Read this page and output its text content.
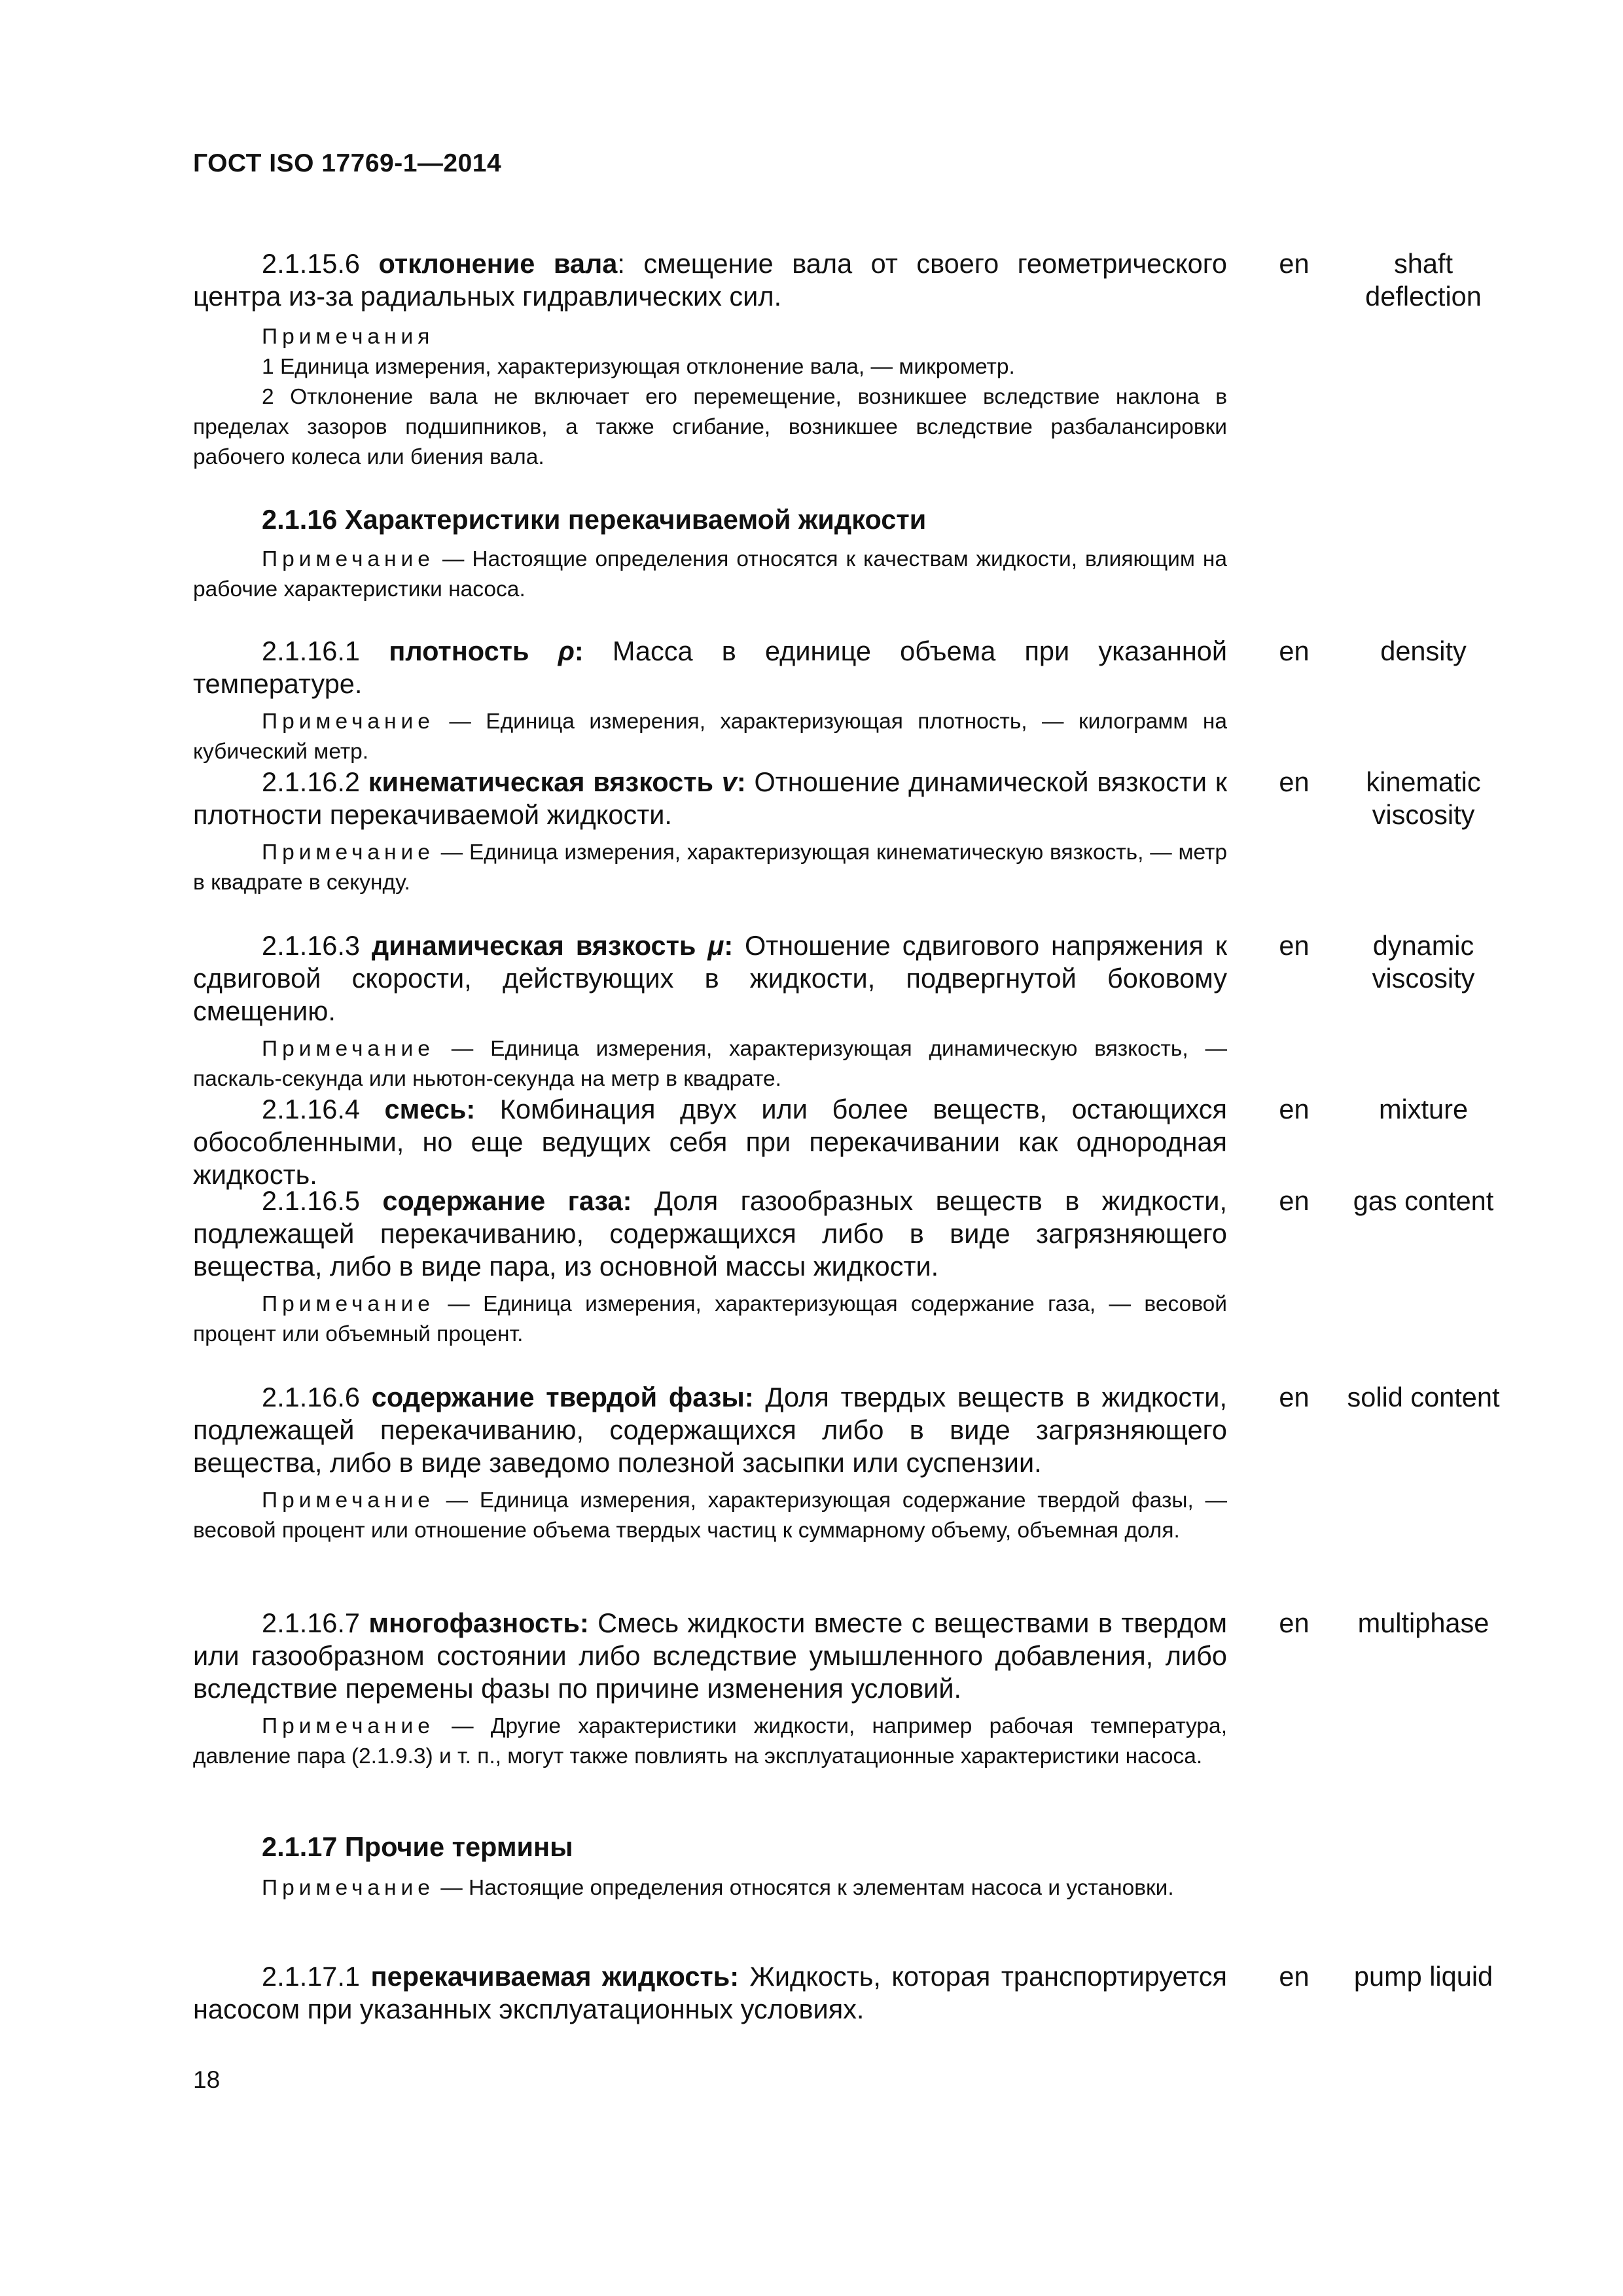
ГОСТ ISO 17769-1—2014
2.1.15.6 отклонение вала: смещение вала от своего геометрического центра из-за радиальных гидравлических сил.
en	shaft deflection
Примечания
1 Единица измерения, характеризующая отклонение вала, — микрометр.
2 Отклонение вала не включает его перемещение, возникшее вследствие наклона в пределах зазоров подшипников, а также сгибание, возникшее вследствие разбалансировки рабочего колеса или биения вала.
2.1.16 Характеристики перекачиваемой жидкости
Примечание — Настоящие определения относятся к качествам жидкости, влияющим на рабочие характеристики насоса.
2.1.16.1 плотность ρ: Масса в единице объема при указанной температуре.
en	density
Примечание — Единица измерения, характеризующая плотность, — килограмм на кубический метр.
2.1.16.2 кинематическая вязкость v: Отношение динамической вязкости к плотности перекачиваемой жидкости.
en	kinematic viscosity
Примечание — Единица измерения, характеризующая кинематическую вязкость, — метр в квадрате в секунду.
2.1.16.3 динамическая вязкость μ: Отношение сдвигового напряжения к сдвиговой скорости, действующих в жидкости, подвергнутой боковому смещению.
en	dynamic viscosity
Примечание — Единица измерения, характеризующая динамическую вязкость, — паскаль-секунда или ньютон-секунда на метр в квадрате.
2.1.16.4 смесь: Комбинация двух или более веществ, остающихся обособленными, но еще ведущих себя при перекачивании как однородная жидкость.
en	mixture
2.1.16.5 содержание газа: Доля газообразных веществ в жидкости, подлежащей перекачиванию, содержащихся либо в виде загрязняющего вещества, либо в виде пара, из основной массы жидкости.
en	gas content
Примечание — Единица измерения, характеризующая содержание газа, — весовой процент или объемный процент.
2.1.16.6 содержание твердой фазы: Доля твердых веществ в жидкости, подлежащей перекачиванию, содержащихся либо в виде загрязняющего вещества, либо в виде заведомо полезной засыпки или суспензии.
en	solid content
Примечание — Единица измерения, характеризующая содержание твердой фазы, — весовой процент или отношение объема твердых частиц к суммарному объему, объемная доля.
2.1.16.7 многофазность: Смесь жидкости вместе с веществами в твердом или газообразном состоянии либо вследствие умышленного добавления, либо вследствие перемены фазы по причине изменения условий.
en	multiphase
Примечание — Другие характеристики жидкости, например рабочая температура, давление пара (2.1.9.3) и т. п., могут также повлиять на эксплуатационные характеристики насоса.
2.1.17 Прочие термины
Примечание — Настоящие определения относятся к элементам насоса и установки.
2.1.17.1 перекачиваемая жидкость: Жидкость, которая транспортируется насосом при указанных эксплуатационных условиях.
en	pump liquid
18
